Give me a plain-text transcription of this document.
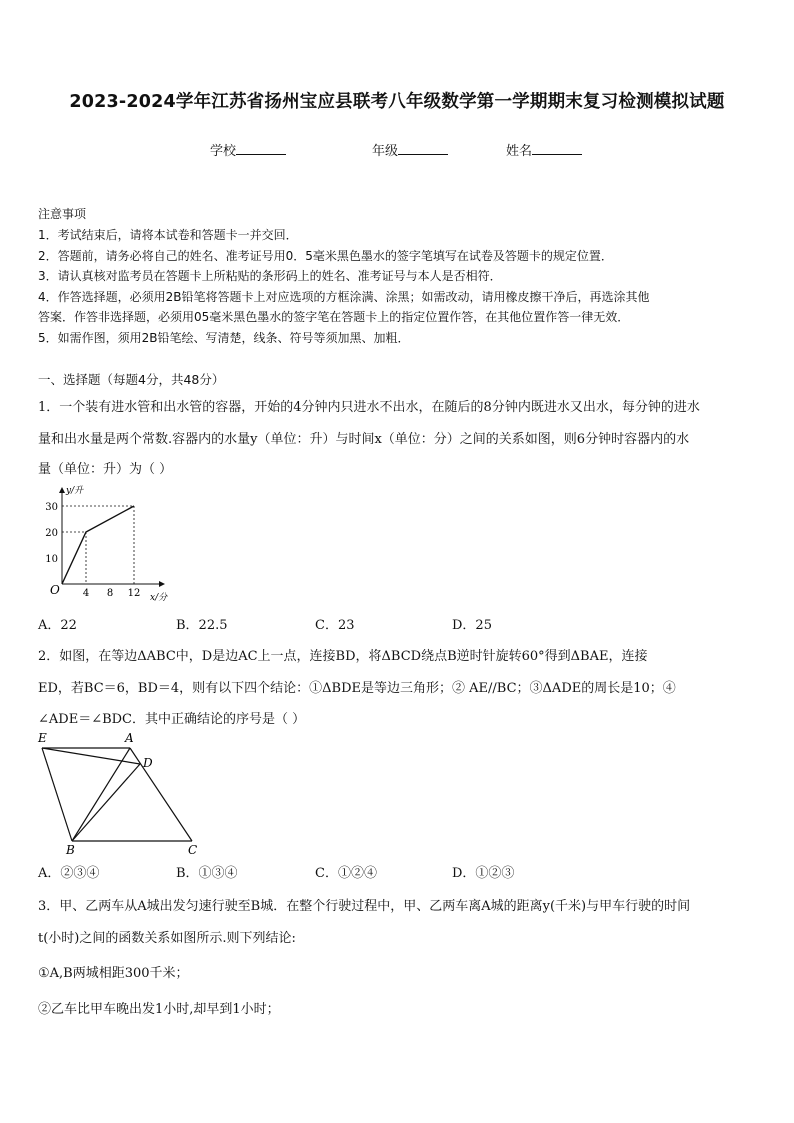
2023-2024学年江苏省扬州宝应县联考八年级数学第一学期期末复习检测模拟试题
学校	年级	姓名
注意事项
1．考试结束后，请将本试卷和答题卡一并交回．
2．答题前，请务必将自己的姓名、准考证号用0．5毫米黑色墨水的签字笔填写在试卷及答题卡的规定位置．
3．请认真核对监考员在答题卡上所粘贴的条形码上的姓名、准考证号与本人是否相符．
4．作答选择题，必须用2B铅笔将答题卡上对应选项的方框涂满、涂黑；如需改动，请用橡皮擦干净后，再选涂其他
答案．作答非选择题，必须用05毫米黑色墨水的签字笔在答题卡上的指定位置作答，在其他位置作答一律无效．
5．如需作图，须用2B铅笔绘、写清楚，线条、符号等须加黑、加粗．
一、选择题（每题4分，共48分）
1．一个装有进水管和出水管的容器，开始的4分钟内只进水不出水，在随后的8分钟内既进水又出水，每分钟的进水
量和出水量是两个常数.容器内的水量y（单位：升）与时间x（单位：分）之间的关系如图，则6分钟时容器内的水
量（单位：升）为（ ）
4 8 12
10
20
30
O
y/升
x/分
A．22	B．22.5	C．23	D．25
2．如图，在等边ΔABC中，D是边AC上一点，连接BD，将ΔBCD绕点B逆时针旋转60°得到ΔBAE，连接
ED，若BC＝6，BD＝4，则有以下四个结论：①ΔBDE是等边三角形；② AE//BC；③ΔADE的周长是10；④
∠ADE＝∠BDC．其中正确结论的序号是（ ）
E	A
D
B	C
A．②③④	B．①③④	C．①②④	D．①②③
3．甲、乙两车从A城出发匀速行驶至B城．在整个行驶过程中，甲、乙两车离A城的距离y(千米)与甲车行驶的时间
t(小时)之间的函数关系如图所示.则下列结论:
①A,B两城相距300千米；
②乙车比甲车晚出发1小时,却早到1小时；
